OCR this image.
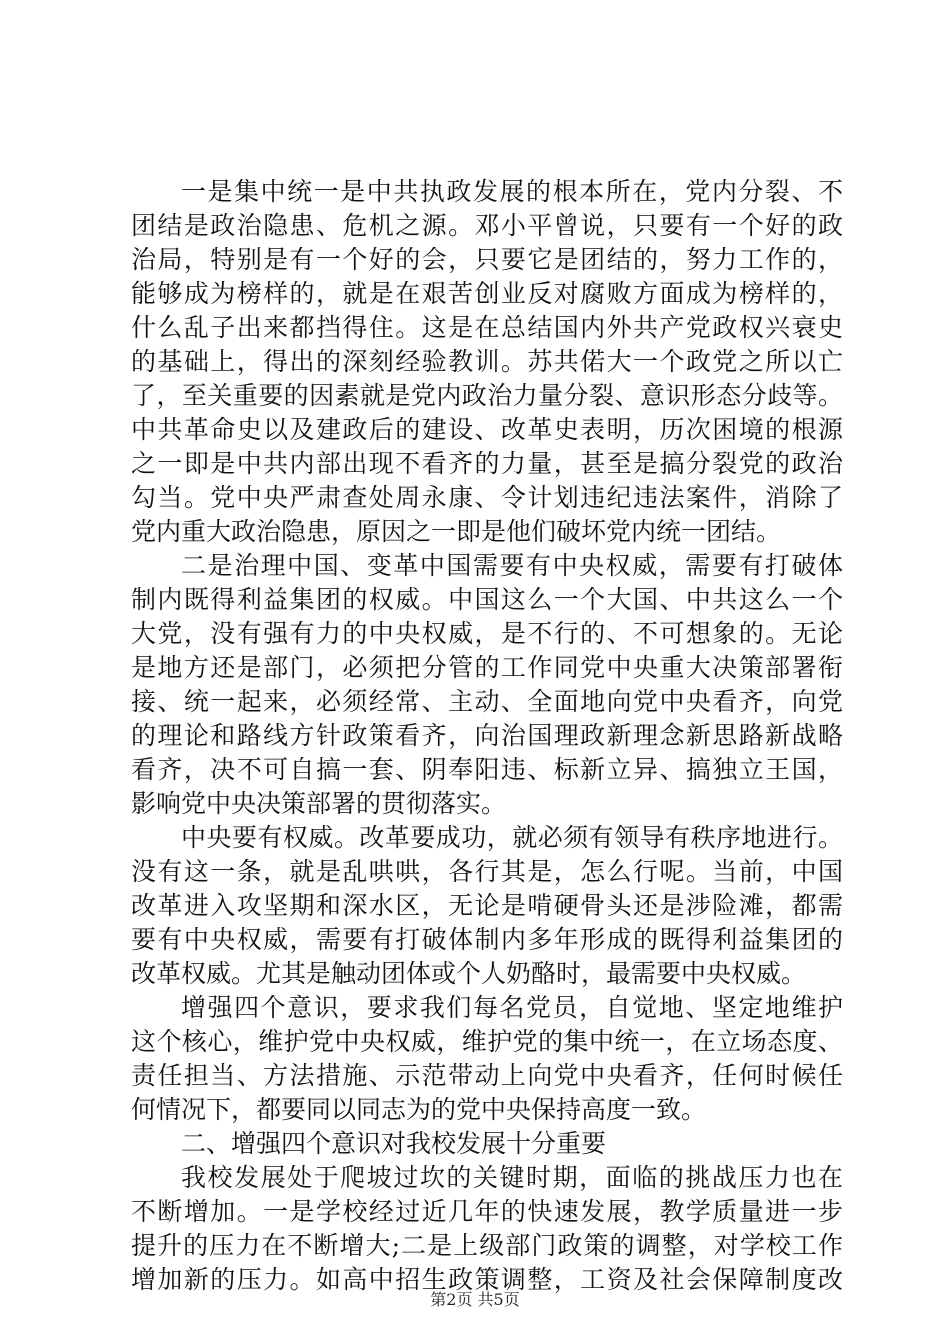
一是集中统一是中共执政发展的根本所在，党内分裂、不
团结是政治隐患、危机之源。邓小平曾说，只要有一个好的政
治局，特别是有一个好的会，只要它是团结的，努力工作的，
能够成为榜样的，就是在艰苦创业反对腐败方面成为榜样的，
什么乱子出来都挡得住。这是在总结国内外共产党政权兴衰史
的基础上，得出的深刻经验教训。苏共偌大一个政党之所以亡
了，至关重要的因素就是党内政治力量分裂、意识形态分歧等。
中共革命史以及建政后的建设、改革史表明，历次困境的根源
之一即是中共内部出现不看齐的力量，甚至是搞分裂党的政治
勾当。党中央严肃查处周永康、令计划违纪违法案件，消除了
党内重大政治隐患，原因之一即是他们破坏党内统一团结。
二是治理中国、变革中国需要有中央权威，需要有打破体
制内既得利益集团的权威。中国这么一个大国、中共这么一个
大党，没有强有力的中央权威，是不行的、不可想象的。无论
是地方还是部门，必须把分管的工作同党中央重大决策部署衔
接、统一起来，必须经常、主动、全面地向党中央看齐，向党
的理论和路线方针政策看齐，向治国理政新理念新思路新战略
看齐，决不可自搞一套、阴奉阳违、标新立异、搞独立王国，
影响党中央决策部署的贯彻落实。
中央要有权威。改革要成功，就必须有领导有秩序地进行。
没有这一条，就是乱哄哄，各行其是，怎么行呢。当前，中国
改革进入攻坚期和深水区，无论是啃硬骨头还是涉险滩，都需
要有中央权威，需要有打破体制内多年形成的既得利益集团的
改革权威。尤其是触动团体或个人奶酪时，最需要中央权威。
增强四个意识，要求我们每名党员，自觉地、坚定地维护
这个核心，维护党中央权威，维护党的集中统一，在立场态度、
责任担当、方法措施、示范带动上向党中央看齐，任何时候任
何情况下，都要同以同志为的党中央保持高度一致。
二、增强四个意识对我校发展十分重要
我校发展处于爬坡过坎的关键时期，面临的挑战压力也在
不断增加。一是学校经过近几年的快速发展，教学质量进一步
提升的压力在不断增大;二是上级部门政策的调整，对学校工作
增加新的压力。如高中招生政策调整，工资及社会保障制度改
第2页 共5页
